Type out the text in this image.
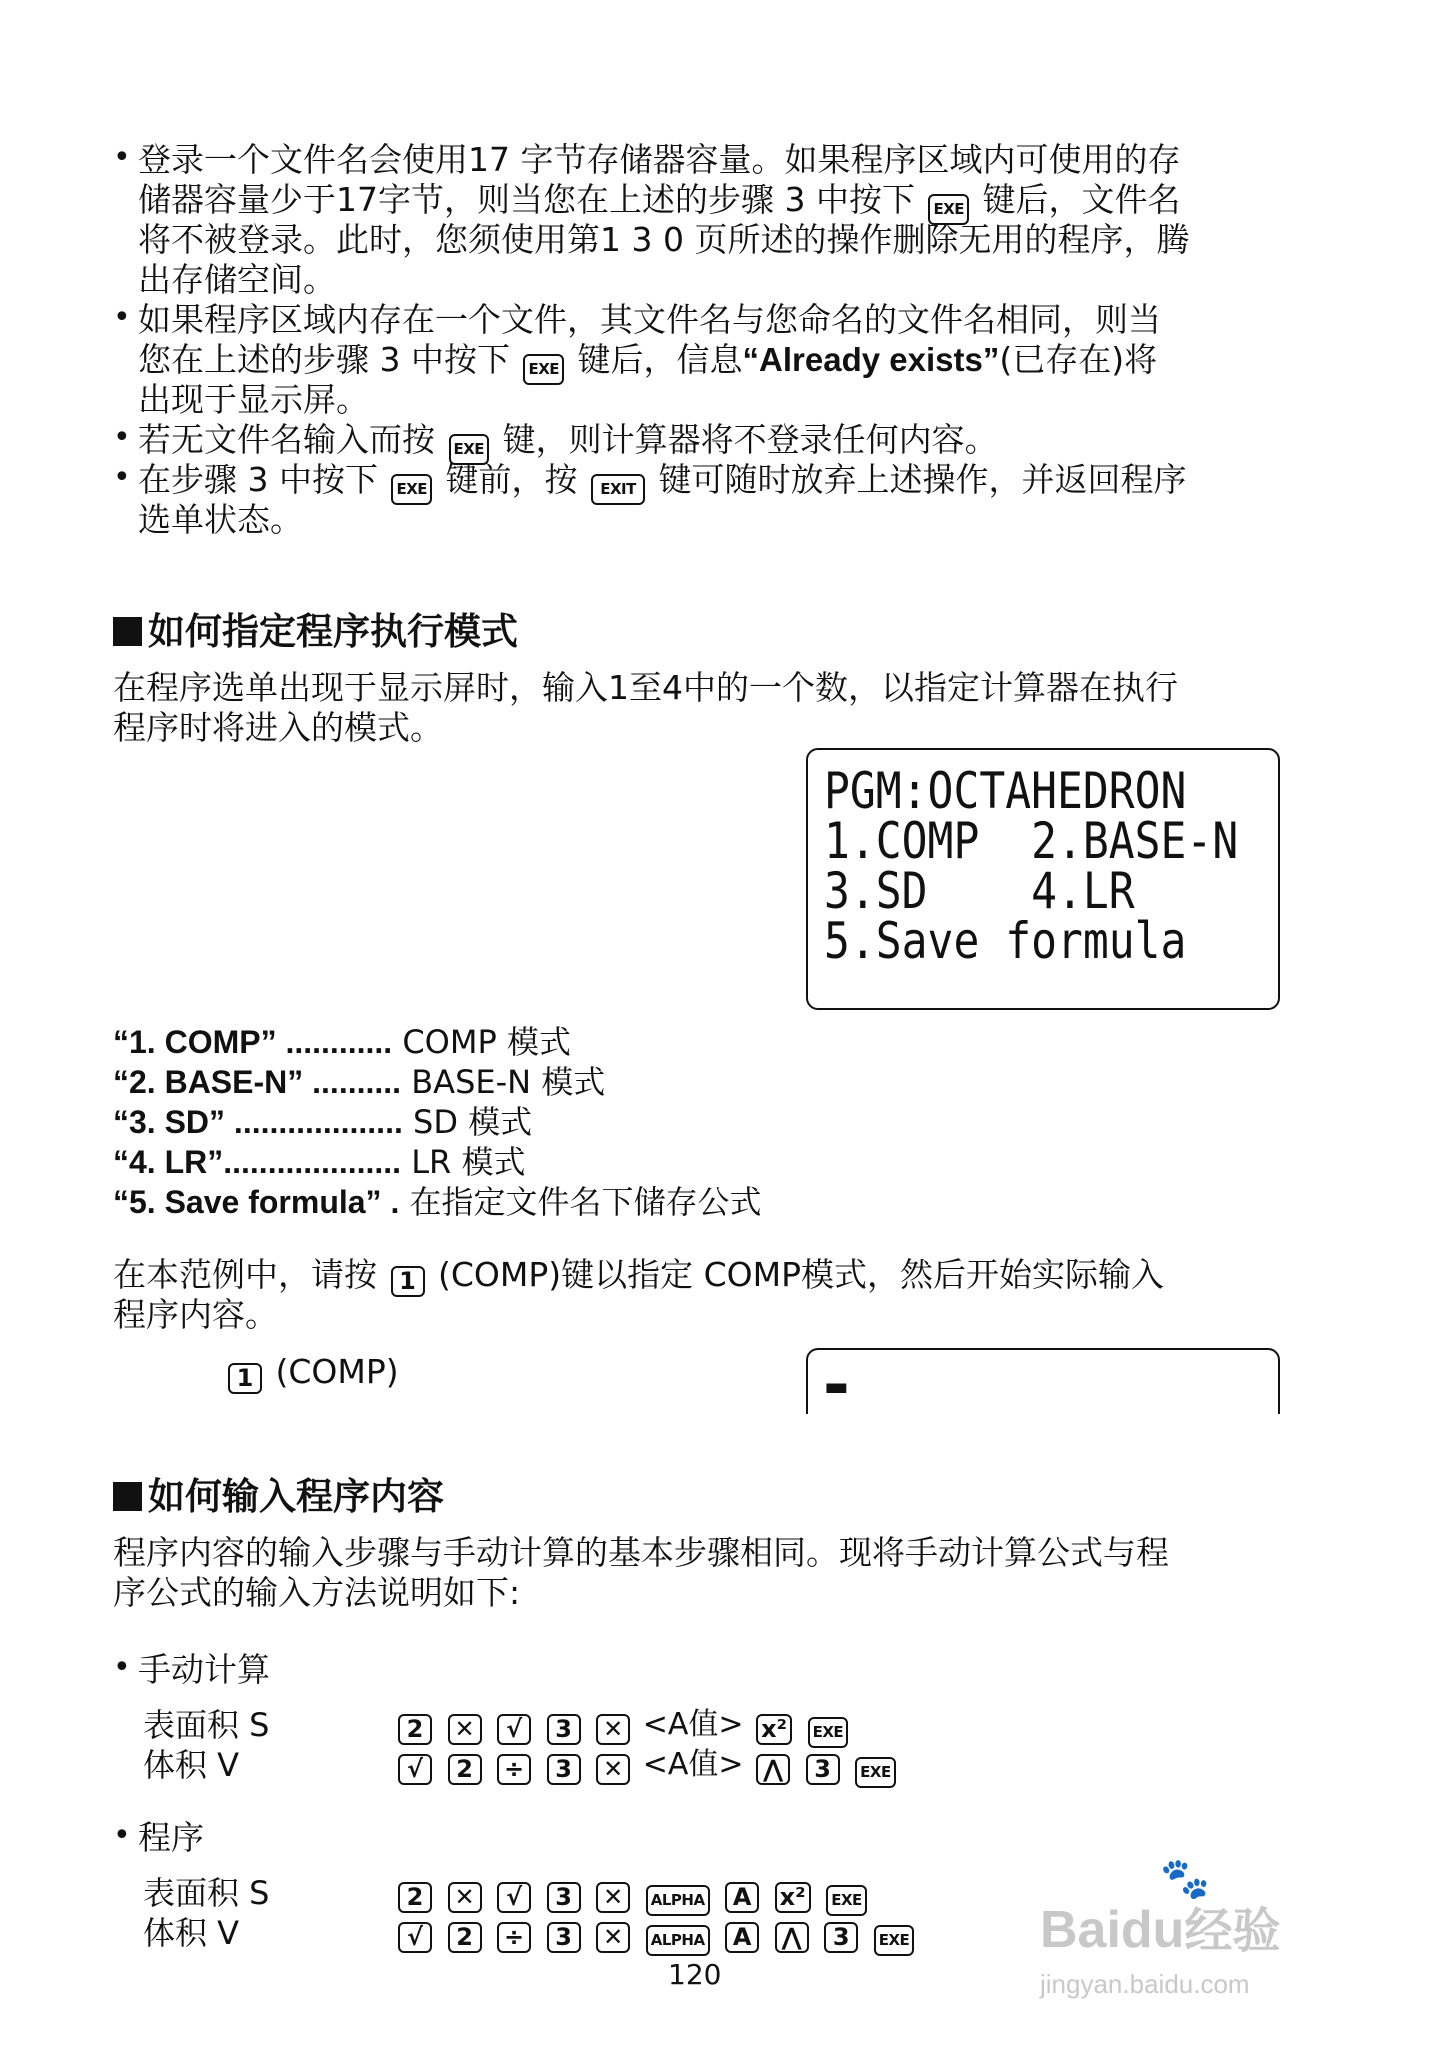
• 登录一个文件名会使用17 字节存储器容量。如果程序区域内可使用的存
储器容量少于17字节，则当您在上述的步骤 3 中按下 EXE 键后，文件名
将不被登录。此时，您须使用第1 3 0 页所述的操作删除无用的程序，腾
出存储空间。
• 如果程序区域内存在一个文件，其文件名与您命名的文件名相同，则当
您在上述的步骤 3 中按下 EXE 键后，信息“Already exists”(已存在)将
出现于显示屏。
• 若无文件名输入而按 EXE 键，则计算器将不登录任何内容。
• 在步骤 3 中按下 EXE 键前，按 EXIT 键可随时放弃上述操作，并返回程序
选单状态。
如何指定程序执行模式
在程序选单出现于显示屏时，输入1至4中的一个数，以指定计算器在执行
程序时将进入的模式。
PGM:OCTAHEDRON
1.COMP  2.BASE-N
3.SD    4.LR
5.Save formula
“1. COMP” ............ COMP 模式
“2. BASE-N” .......... BASE-N 模式
“3. SD” ................... SD 模式
“4. LR”.................... LR 模式
“5. Save formula” . 在指定文件名下储存公式
在本范例中，请按 1 (COMP)键以指定 COMP模式，然后开始实际输入
程序内容。
1 (COMP)	▬
如何输入程序内容
程序内容的输入步骤与手动计算的基本步骤相同。现将手动计算公式与程
序公式的输入方法说明如下:
• 手动计算
表面积 S	2 ✕ √ 3 ✕ <A值> x² EXE
体积 V	√ 2 ÷ 3 ✕ <A值> ⋀ 3 EXE
• 程序
表面积 S	2 ✕ √ 3 ✕ ALPHA A x² EXE
体积 V	√ 2 ÷ 3 ✕ ALPHA A ⋀ 3 EXE
120
🐾
Baidu经验
jingyan.baidu.com
